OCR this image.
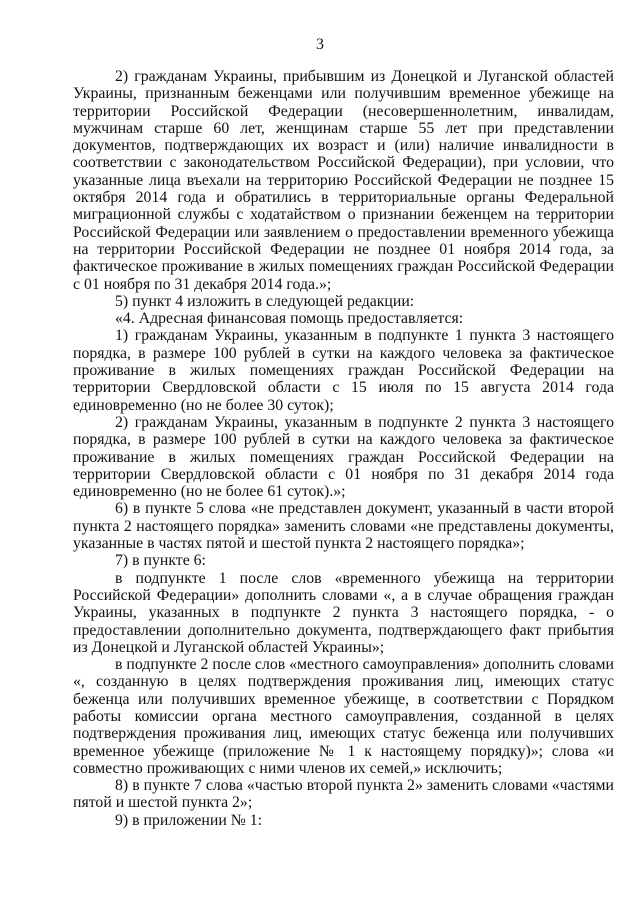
3

2) гражданам Украины, прибывшим из Донецкой и Луганской областей Украины, признанным беженцами или получившим временное убежище на территории Российской Федерации (несовершеннолетним, инвалидам, мужчинам старше 60 лет, женщинам старше 55 лет при представлении документов, подтверждающих их возраст и (или) наличие инвалидности в соответствии с законодательством Российской Федерации), при условии, что указанные лица въехали на территорию Российской Федерации не позднее 15 октября 2014 года и обратились в территориальные органы Федеральной миграционной службы с ходатайством о признании беженцем на территории Российской Федерации или заявлением о предоставлении временного убежища на территории Российской Федерации не позднее 01 ноября 2014 года, за фактическое проживание в жилых помещениях граждан Российской Федерации с 01 ноября по 31 декабря 2014 года.»;

5) пункт 4 изложить в следующей редакции:

«4. Адресная финансовая помощь предоставляется:

1) гражданам Украины, указанным в подпункте 1 пункта 3 настоящего порядка, в размере 100 рублей в сутки на каждого человека за фактическое проживание в жилых помещениях граждан Российской Федерации на территории Свердловской области с 15 июля по 15 августа 2014 года единовременно (но не более 30 суток);

2) гражданам Украины, указанным в подпункте 2 пункта 3 настоящего порядка, в размере 100 рублей в сутки на каждого человека за фактическое проживание в жилых помещениях граждан Российской Федерации на территории Свердловской области с 01 ноября по 31 декабря 2014 года единовременно (но не более 61 суток).»;

6) в пункте 5 слова «не представлен документ, указанный в части второй пункта 2 настоящего порядка» заменить словами «не представлены документы, указанные в частях пятой и шестой пункта 2 настоящего порядка»;

7) в пункте 6:

в подпункте 1 после слов «временного убежища на территории Российской Федерации» дополнить словами «, а в случае обращения граждан Украины, указанных в подпункте 2 пункта 3 настоящего порядка, - о предоставлении дополнительно документа, подтверждающего факт прибытия из Донецкой и Луганской областей Украины»;

в подпункте 2 после слов «местного самоуправления» дополнить словами «, созданную в целях подтверждения проживания лиц, имеющих статус беженца или получивших временное убежище, в соответствии с Порядком работы комиссии органа местного самоуправления, созданной в целях подтверждения проживания лиц, имеющих статус беженца или получивших временное убежище (приложение № 1 к настоящему порядку)»; слова «и совместно проживающих с ними членов их семей,» исключить;

8) в пункте 7 слова «частью второй пункта 2» заменить словами «частями пятой и шестой пункта 2»;

9) в приложении № 1:
